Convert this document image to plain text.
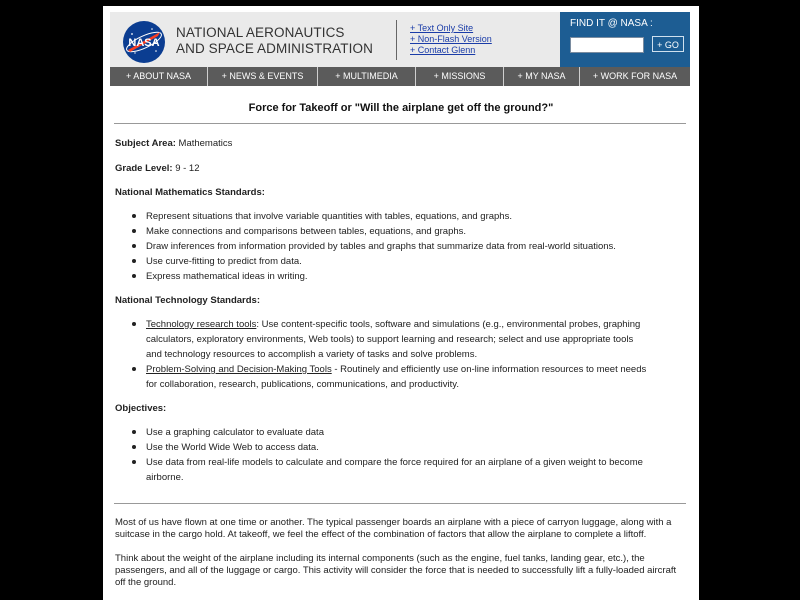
NASA
NATIONAL AERONAUTICS
AND SPACE ADMINISTRATION
+ Text Only Site
+ Non-Flash Version
+ Contact Glenn
FIND IT @ NASA :
+ GO
+ ABOUT NASA	+ NEWS & EVENTS	+ MULTIMEDIA	+ MISSIONS	+ MY NASA	+ WORK FOR NASA
Force for Takeoff or "Will the airplane get off the ground?"

Subject Area: Mathematics

Grade Level: 9 - 12

National Mathematics Standards:

Represent situations that involve variable quantities with tables, equations, and graphs.
Make connections and comparisons between tables, equations, and graphs.
Draw inferences from information provided by tables and graphs that summarize data from real-world situations.
Use curve-fitting to predict from data.
Express mathematical ideas in writing.

National Technology Standards:

Technology research tools: Use content-specific tools, software and simulations (e.g., environmental probes, graphing
calculators, exploratory environments, Web tools) to support learning and research; select and use appropriate tools
and technology resources to accomplish a variety of tasks and solve problems.
Problem-Solving and Decision-Making Tools - Routinely and efficiently use on-line information resources to meet needs
for collaboration, research, publications, communications, and productivity.

Objectives:

Use a graphing calculator to evaluate data
Use the World Wide Web to access data.
Use data from real-life models to calculate and compare the force required for an airplane of a given weight to become
airborne.

Most of us have flown at one time or another. The typical passenger boards an airplane with a piece of carryon luggage, along with a suitcase in the cargo hold. At takeoff, we feel the effect of the combination of factors that allow the airplane to complete a liftoff.

Think about the weight of the airplane including its internal components (such as the engine, fuel tanks, landing gear, etc.), the passengers, and all of the luggage or cargo. This activity will consider the force that is needed to successfully lift a fully-loaded aircraft off the ground.
